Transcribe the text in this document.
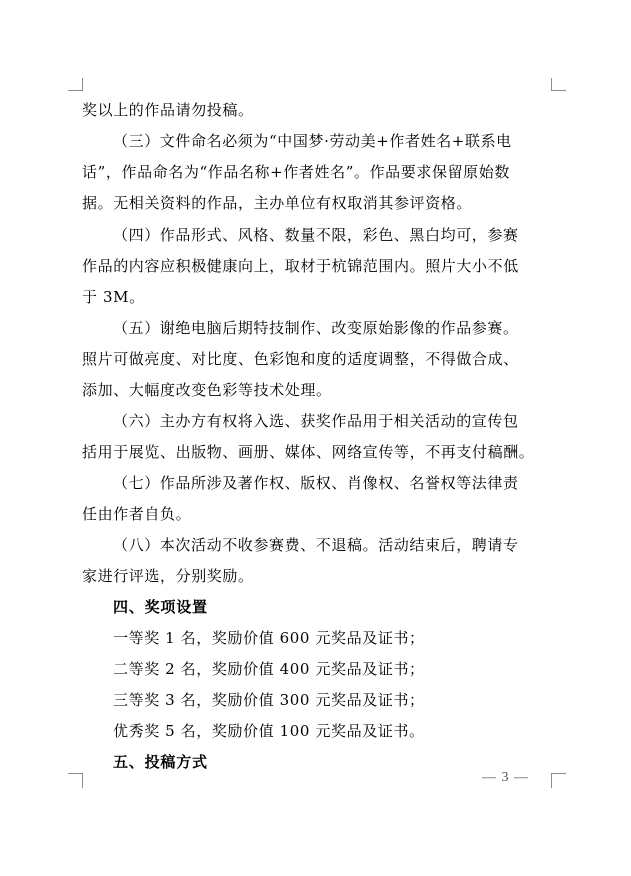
奖以上的作品请勿投稿。
（三）文件命名必须为“中国梦·劳动美+作者姓名+联系电
话”，作品命名为“作品名称+作者姓名”。作品要求保留原始数
据。无相关资料的作品，主办单位有权取消其参评资格。
（四）作品形式、风格、数量不限，彩色、黑白均可，参赛
作品的内容应积极健康向上，取材于杭锦范围内。照片大小不低
于 3M。
（五）谢绝电脑后期特技制作、改变原始影像的作品参赛。
照片可做亮度、对比度、色彩饱和度的适度调整，不得做合成、
添加、大幅度改变色彩等技术处理。
（六）主办方有权将入选、获奖作品用于相关活动的宣传包
括用于展览、出版物、画册、媒体、网络宣传等，不再支付稿酬。
（七）作品所涉及著作权、版权、肖像权、名誉权等法律责
任由作者自负。
（八）本次活动不收参赛费、不退稿。活动结束后，聘请专
家进行评选，分别奖励。
四、奖项设置
一等奖 1 名，奖励价值 600 元奖品及证书；
二等奖 2 名，奖励价值 400 元奖品及证书；
三等奖 3 名，奖励价值 300 元奖品及证书；
优秀奖 5 名，奖励价值 100 元奖品及证书。
五、投稿方式
— 3 —
